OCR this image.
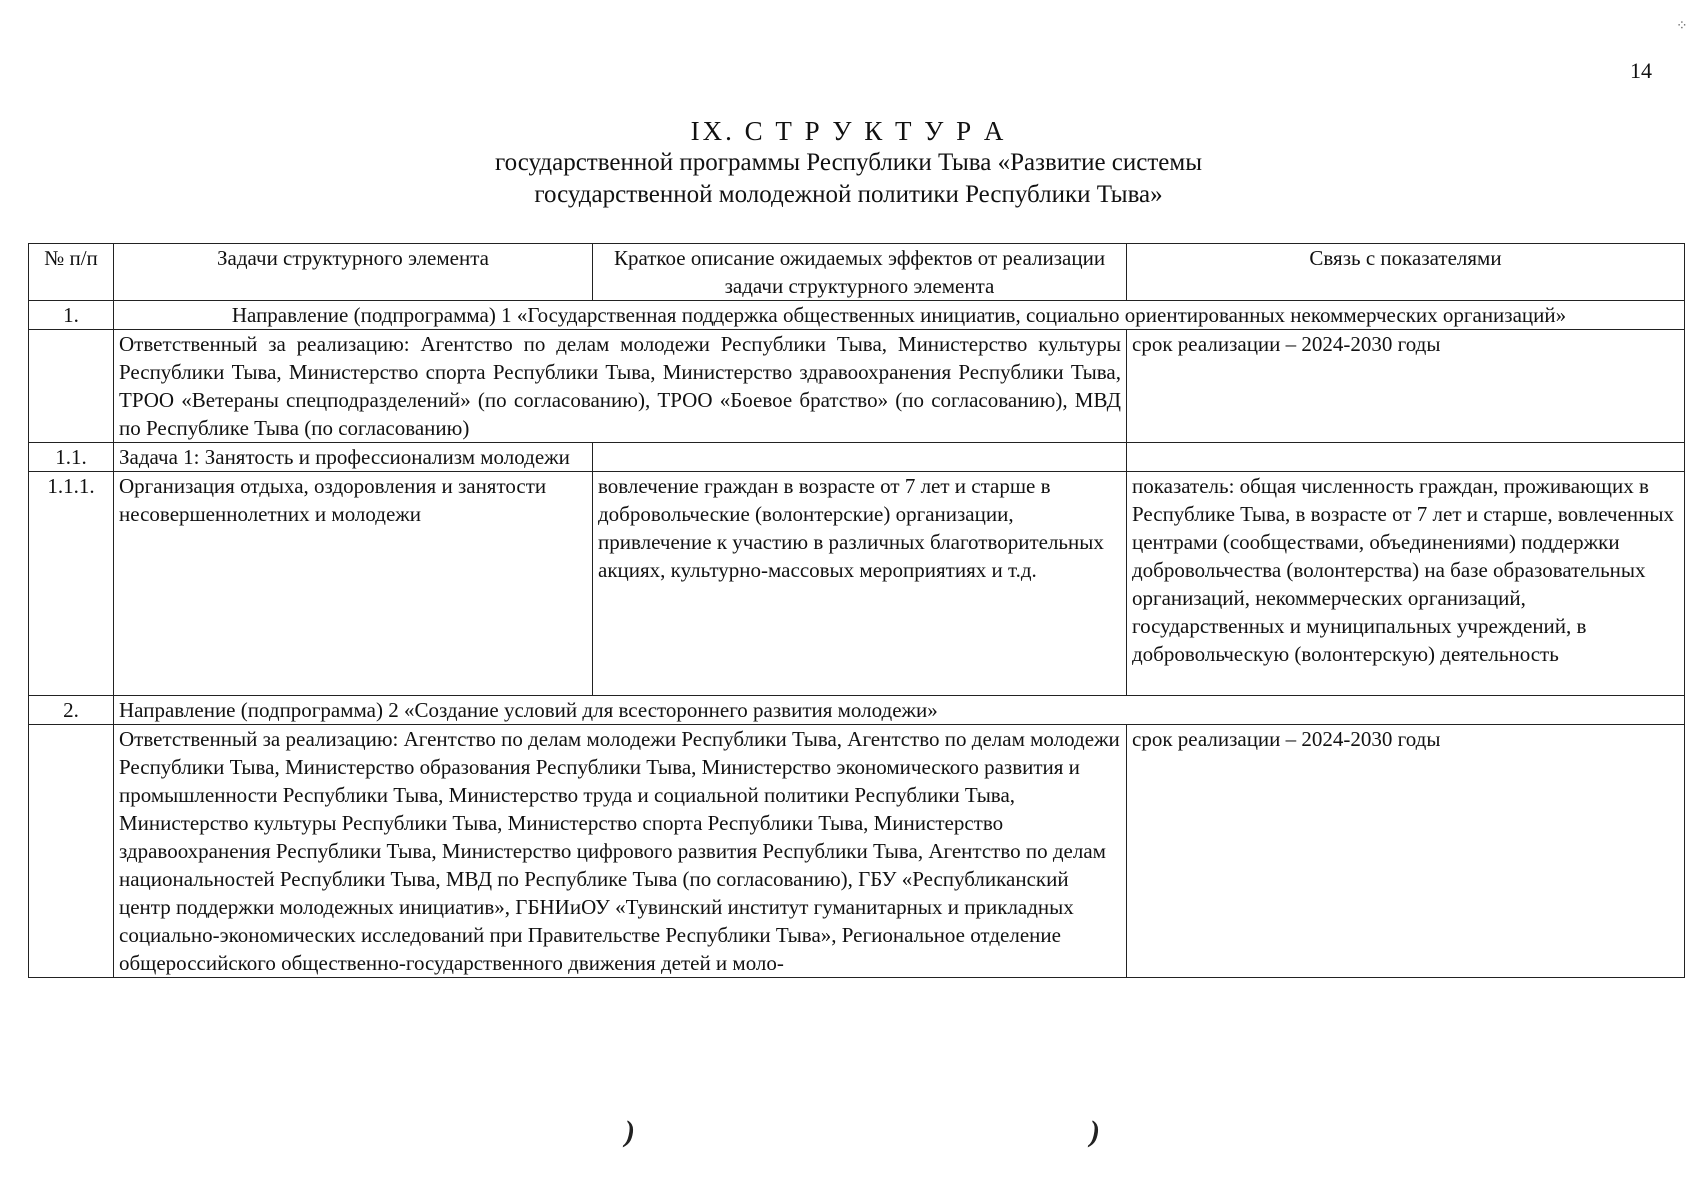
⁘
14
IX. С Т Р У К Т У Р А
государственной программы Республики Тыва «Развитие системы
государственной молодежной политики Республики Тыва»
№ п/п	Задачи структурного элемента	Краткое описание ожидаемых эффектов от реализации задачи структурного элемента	Связь с показателями
1.	Направление (подпрограмма) 1 «Государственная поддержка общественных инициатив, социально ориентированных некоммерческих организаций»		
	Ответственный за реализацию: Агентство по делам молодежи Республики Тыва, Министерство культуры Республики Тыва, Министерство спорта Республики Тыва, Министерство здравоохранения Республики Тыва, ТРОО «Ветераны спецподразделений» (по согласованию), ТРОО «Боевое братство» (по согласованию), МВД по Республике Тыва (по согласованию)		срок реализации – 2024-2030 годы
1.1.	Задача 1: Занятость и профессионализм молодежи		
1.1.1.	Организация отдыха, оздоровления и занятости несовершеннолетних и молодежи	вовлечение граждан в возрасте от 7 лет и старше в добровольческие (волонтерские) организации, привлечение к участию в различных благотворительных акциях, культурно-массовых мероприятиях и т.д.	показатель: общая численность граждан, проживающих в Республике Тыва, в возрасте от 7 лет и старше, вовлеченных центрами (сообществами, объединениями) поддержки добровольчества (волонтерства) на базе образовательных организаций, некоммерческих организаций, государственных и муниципальных учреждений, в добровольческую (волонтерскую) деятельность
2.	Направление (подпрограмма) 2 «Создание условий для всестороннего развития молодежи»		
	Ответственный за реализацию: Агентство по делам молодежи Республики Тыва, Агентство по делам молодежи Республики Тыва, Министерство образования Республики Тыва, Министерство экономического развития и промышленности Республики Тыва, Министерство труда и социальной политики Республики Тыва, Министерство культуры Республики Тыва, Министерство спорта Республики Тыва, Министерство здравоохранения Республики Тыва, Министерство цифрового развития Республики Тыва, Агентство по делам национальностей Республики Тыва, МВД по Республике Тыва (по согласованию), ГБУ «Республиканский центр поддержки молодежных инициатив», ГБНИиОУ «Тувинский институт гуманитарных и прикладных социально-экономических исследований при Правительстве Республики Тыва», Региональное отделение общероссийского общественно-государственного движения детей и моло-		срок реализации – 2024-2030 годы
)	)
